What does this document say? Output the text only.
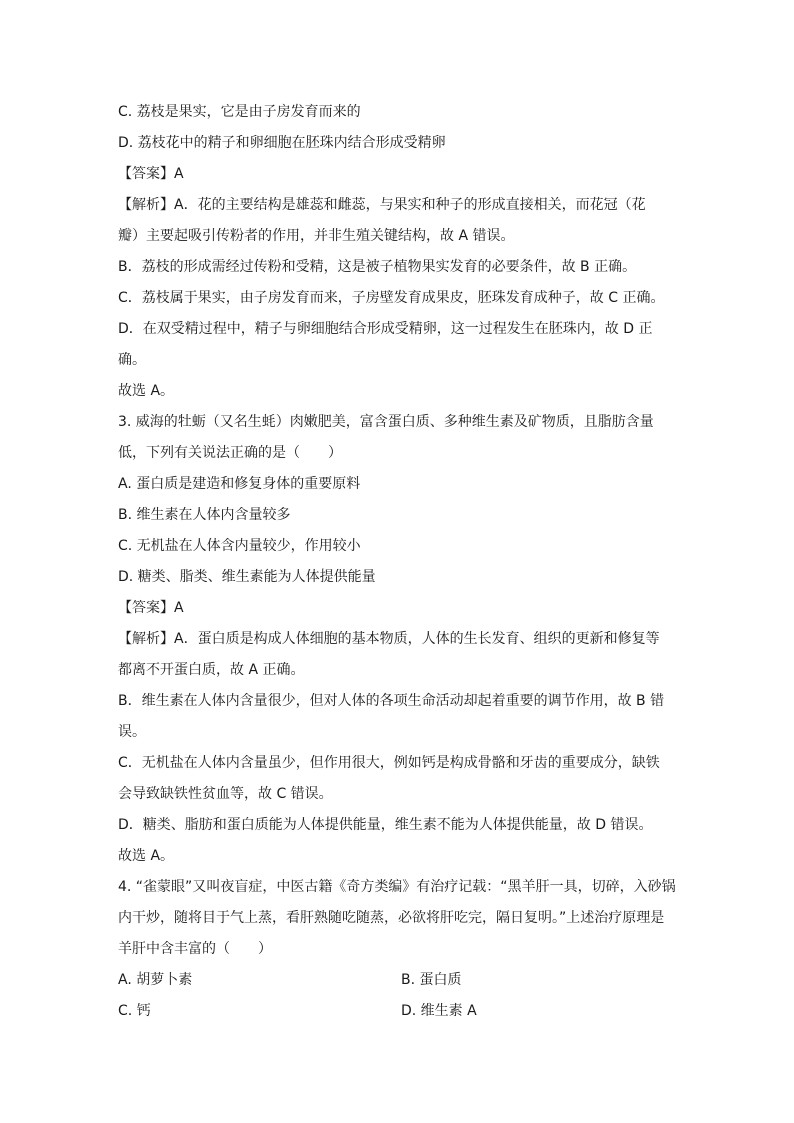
C. 荔枝是果实，它是由子房发育而来的
D. 荔枝花中的精子和卵细胞在胚珠内结合形成受精卵
【答案】A
【解析】A．花的主要结构是雄蕊和雌蕊，与果实和种子的形成直接相关，而花冠（花
瓣）主要起吸引传粉者的作用，并非生殖关键结构，故 A 错误。
B．荔枝的形成需经过传粉和受精，这是被子植物果实发育的必要条件，故 B 正确。
C．荔枝属于果实，由子房发育而来，子房壁发育成果皮，胚珠发育成种子，故 C 正确。
D．在双受精过程中，精子与卵细胞结合形成受精卵，这一过程发生在胚珠内，故 D 正
确。
故选 A。
3. 威海的牡蛎（又名生蚝）肉嫩肥美，富含蛋白质、多种维生素及矿物质，且脂肪含量
低，下列有关说法正确的是（　　）
A. 蛋白质是建造和修复身体的重要原料
B. 维生素在人体内含量较多
C. 无机盐在人体含内量较少，作用较小
D. 糖类、脂类、维生素能为人体提供能量
【答案】A
【解析】A．蛋白质是构成人体细胞的基本物质，人体的生长发育、组织的更新和修复等
都离不开蛋白质，故 A 正确。
B．维生素在人体内含量很少，但对人体的各项生命活动却起着重要的调节作用，故 B 错
误。
C．无机盐在人体内含量虽少，但作用很大，例如钙是构成骨骼和牙齿的重要成分，缺铁
会导致缺铁性贫血等，故 C 错误。
D．糖类、脂肪和蛋白质能为人体提供能量，维生素不能为人体提供能量，故 D 错误。
故选 A。
4. “雀蒙眼”又叫夜盲症，中医古籍《奇方类编》有治疗记载：“黑羊肝一具，切碎，入砂锅
内干炒，随将目于气上蒸，看肝熟随吃随蒸，必欲将肝吃完，隔日复明。”上述治疗原理是
羊肝中含丰富的（　　）
A. 胡萝卜素	B. 蛋白质
C. 钙	D. 维生素 A
